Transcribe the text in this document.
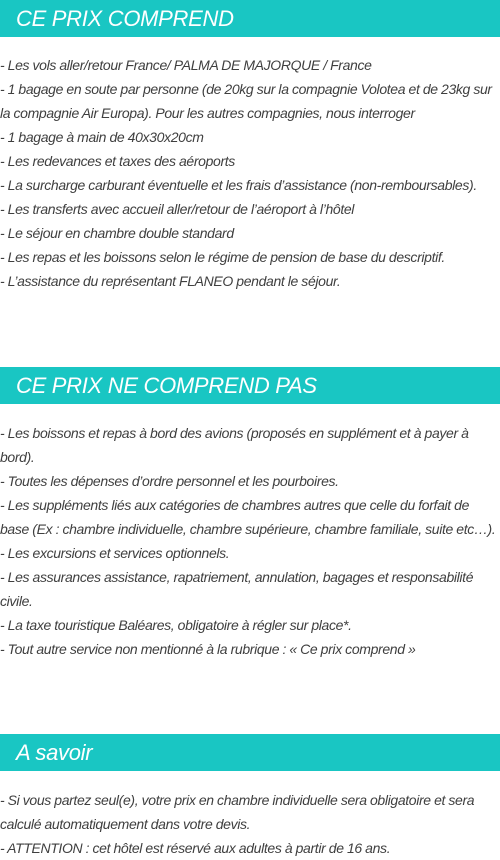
CE PRIX COMPREND
- Les vols aller/retour France/ PALMA DE MAJORQUE / France
- 1 bagage en soute par personne (de 20kg sur la compagnie Volotea et de 23kg sur la compagnie Air Europa). Pour les autres compagnies, nous interroger
- 1 bagage à main de 40x30x20cm
- Les redevances et taxes des aéroports
- La surcharge carburant éventuelle et les frais d’assistance (non-remboursables).
- Les transferts avec accueil aller/retour de l’aéroport à l’hôtel
- Le séjour en chambre double standard
- Les repas et les boissons selon le régime de pension de base du descriptif.
- L’assistance du représentant FLANEO pendant le séjour.
CE PRIX NE COMPREND PAS
- Les boissons et repas à bord des avions (proposés en supplément et à payer à bord).
- Toutes les dépenses d’ordre personnel et les pourboires.
- Les suppléments liés aux catégories de chambres autres que celle du forfait de base (Ex : chambre individuelle, chambre supérieure, chambre familiale, suite etc…).
- Les excursions et services optionnels.
- Les assurances assistance, rapatriement, annulation, bagages et responsabilité civile.
- La taxe touristique Baléares, obligatoire à régler sur place*.
- Tout autre service non mentionné à la rubrique : « Ce prix comprend »
A savoir
- Si vous partez seul(e), votre prix en chambre individuelle sera obligatoire et sera calculé automatiquement dans votre devis.
- ATTENTION : cet hôtel est réservé aux adultes à partir de 16 ans.
